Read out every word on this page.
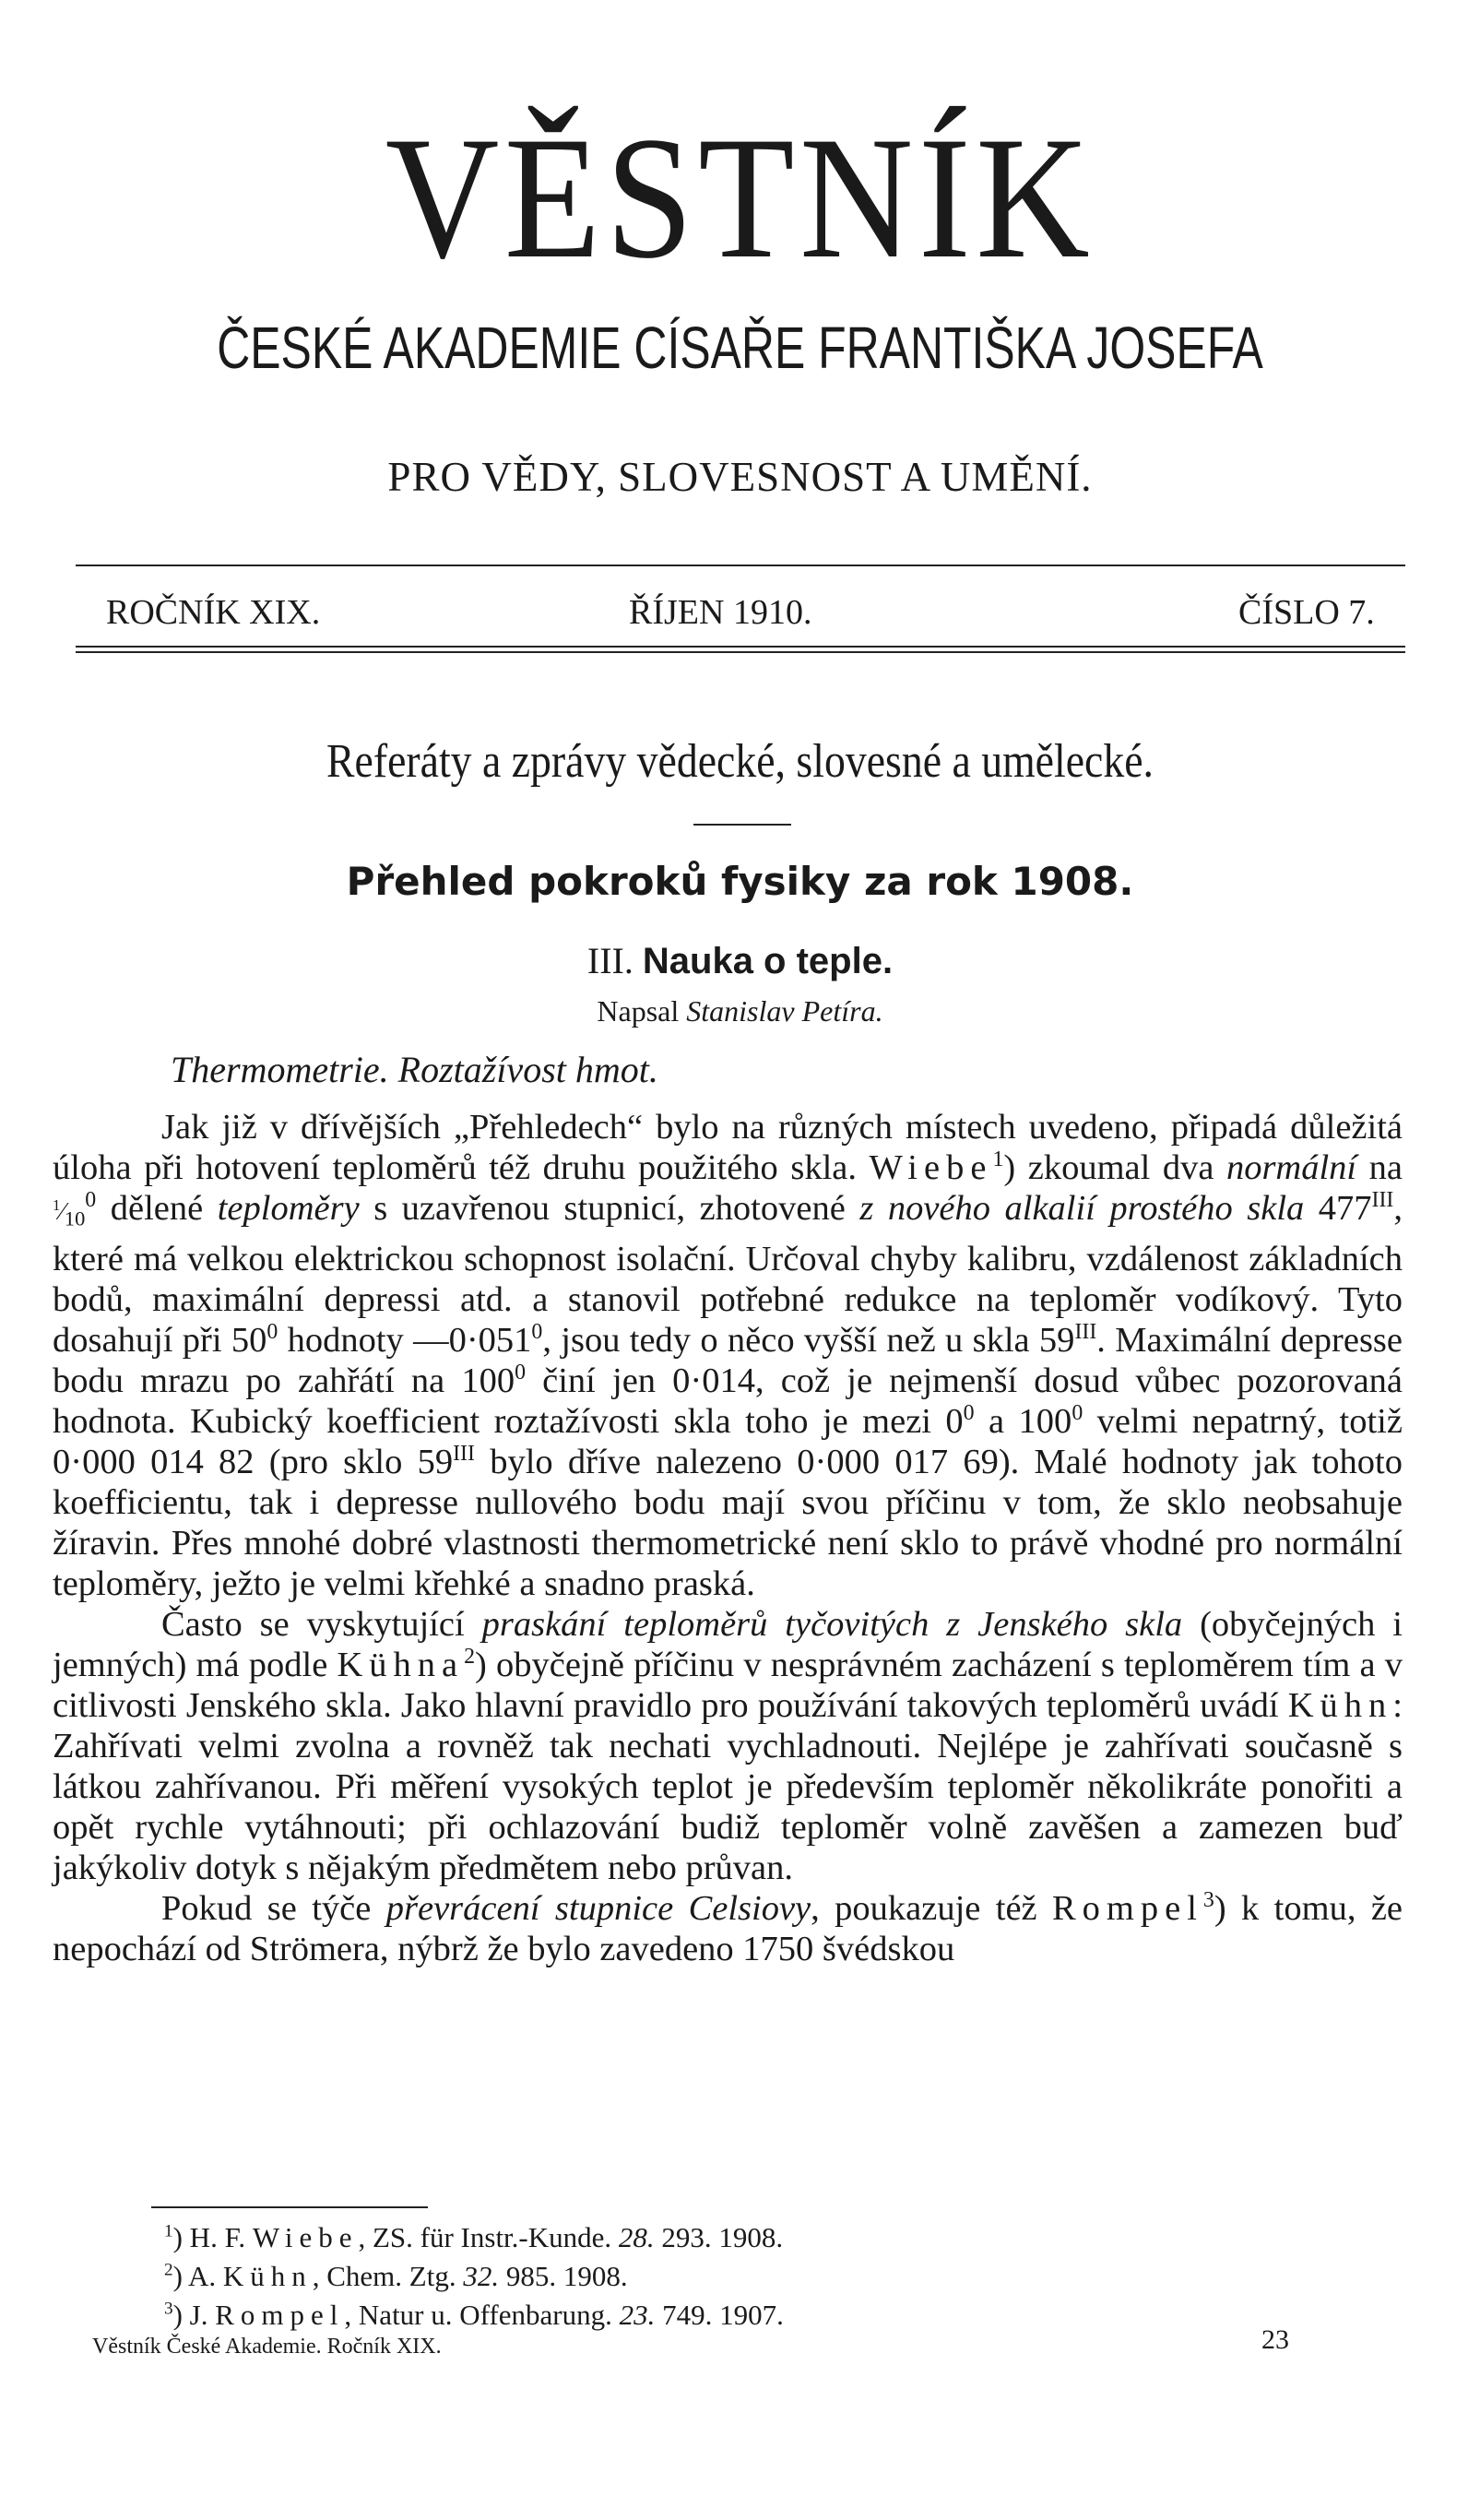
VĚSTNÍK
ČESKÉ AKADEMIE CÍSAŘE FRANTIŠKA JOSEFA
PRO VĚDY, SLOVESNOST A UMĚNÍ.
ROČNÍK XIX.	ŘÍJEN 1910.	ČÍSLO 7.
Referáty a zprávy vědecké, slovesné a umělecké.
Přehled pokroků fysiky za rok 1908.
III. Nauka o teple.
Napsal Stanislav Petíra.
Thermometrie. Roztažívost hmot.

Jak již v dřívějších „Přehledech“ bylo na různých místech uvedeno, připadá důležitá úloha při hotovení teploměrů též druhu použitého skla. Wiebe$^1$) zkoumal dva normální na $^1⁄_{10}^0$ dělené teploměry s uzavřenou stupnicí, zhotovené z nového alkalií prostého skla $477^{III}$, které má velkou elektrickou schopnost isolační. Určoval chyby kalibru, vzdálenost základních bodů, maximální depressi atd. a stanovil potřebné redukce na teploměr vodíkový. Tyto dosahují při $50^0$ hodnoty $—0\cdot 051^0$, jsou tedy o něco vyšší než u skla $59^{III}$. Maximální depresse bodu mrazu po zahřátí na $100^0$ činí jen 0·014, což je nejmenší dosud vůbec pozorovaná hodnota. Kubický koefficient roztažívosti skla toho je mezi $0^0$ a $100^0$ velmi nepatrný, totiž 0·000 014 82 (pro sklo $59^{III}$ bylo dříve nalezeno 0·000 017 69). Malé hodnoty jak tohoto koefficientu, tak i depresse nullového bodu mají svou příčinu v tom, že sklo neobsahuje žíravin. Přes mnohé dobré vlastnosti thermometrické není sklo to právě vhodné pro normální teploměry, ježto je velmi křehké a snadno praská.

Často se vyskytující praskání teploměrů tyčovitých z Jenského skla (obyčejných i jemných) má podle Kühna$^2$) obyčejně příčinu v nesprávném zacházení s teploměrem tím a v citlivosti Jenského skla. Jako hlavní pravidlo pro používání takových teploměrů uvádí Kühn: Zahřívati velmi zvolna a rovněž tak nechati vychladnouti. Nejlépe je zahřívati současně s látkou zahřívanou. Při měření vysokých teplot je především teploměr několikráte ponořiti a opět rychle vytáhnouti; při ochlazování budiž teploměr volně zavěšen a zamezen buď jakýkoliv dotyk s nějakým předmětem nebo průvan.

Pokud se týče převrácení stupnice Celsiovy, poukazuje též Rompel$^3$) k tomu, že nepochází od Strömera, nýbrž že bylo zavedeno 1750 švédskou

$^1$) H. F. Wiebe, ZS. für Instr.-Kunde. 28. 293. 1908.
$^2$) A. Kühn, Chem. Ztg. 32. 985. 1908.
$^3$) J. Rompel, Natur u. Offenbarung. 23. 749. 1907.
Věstník České Akademie. Ročník XIX.	23
